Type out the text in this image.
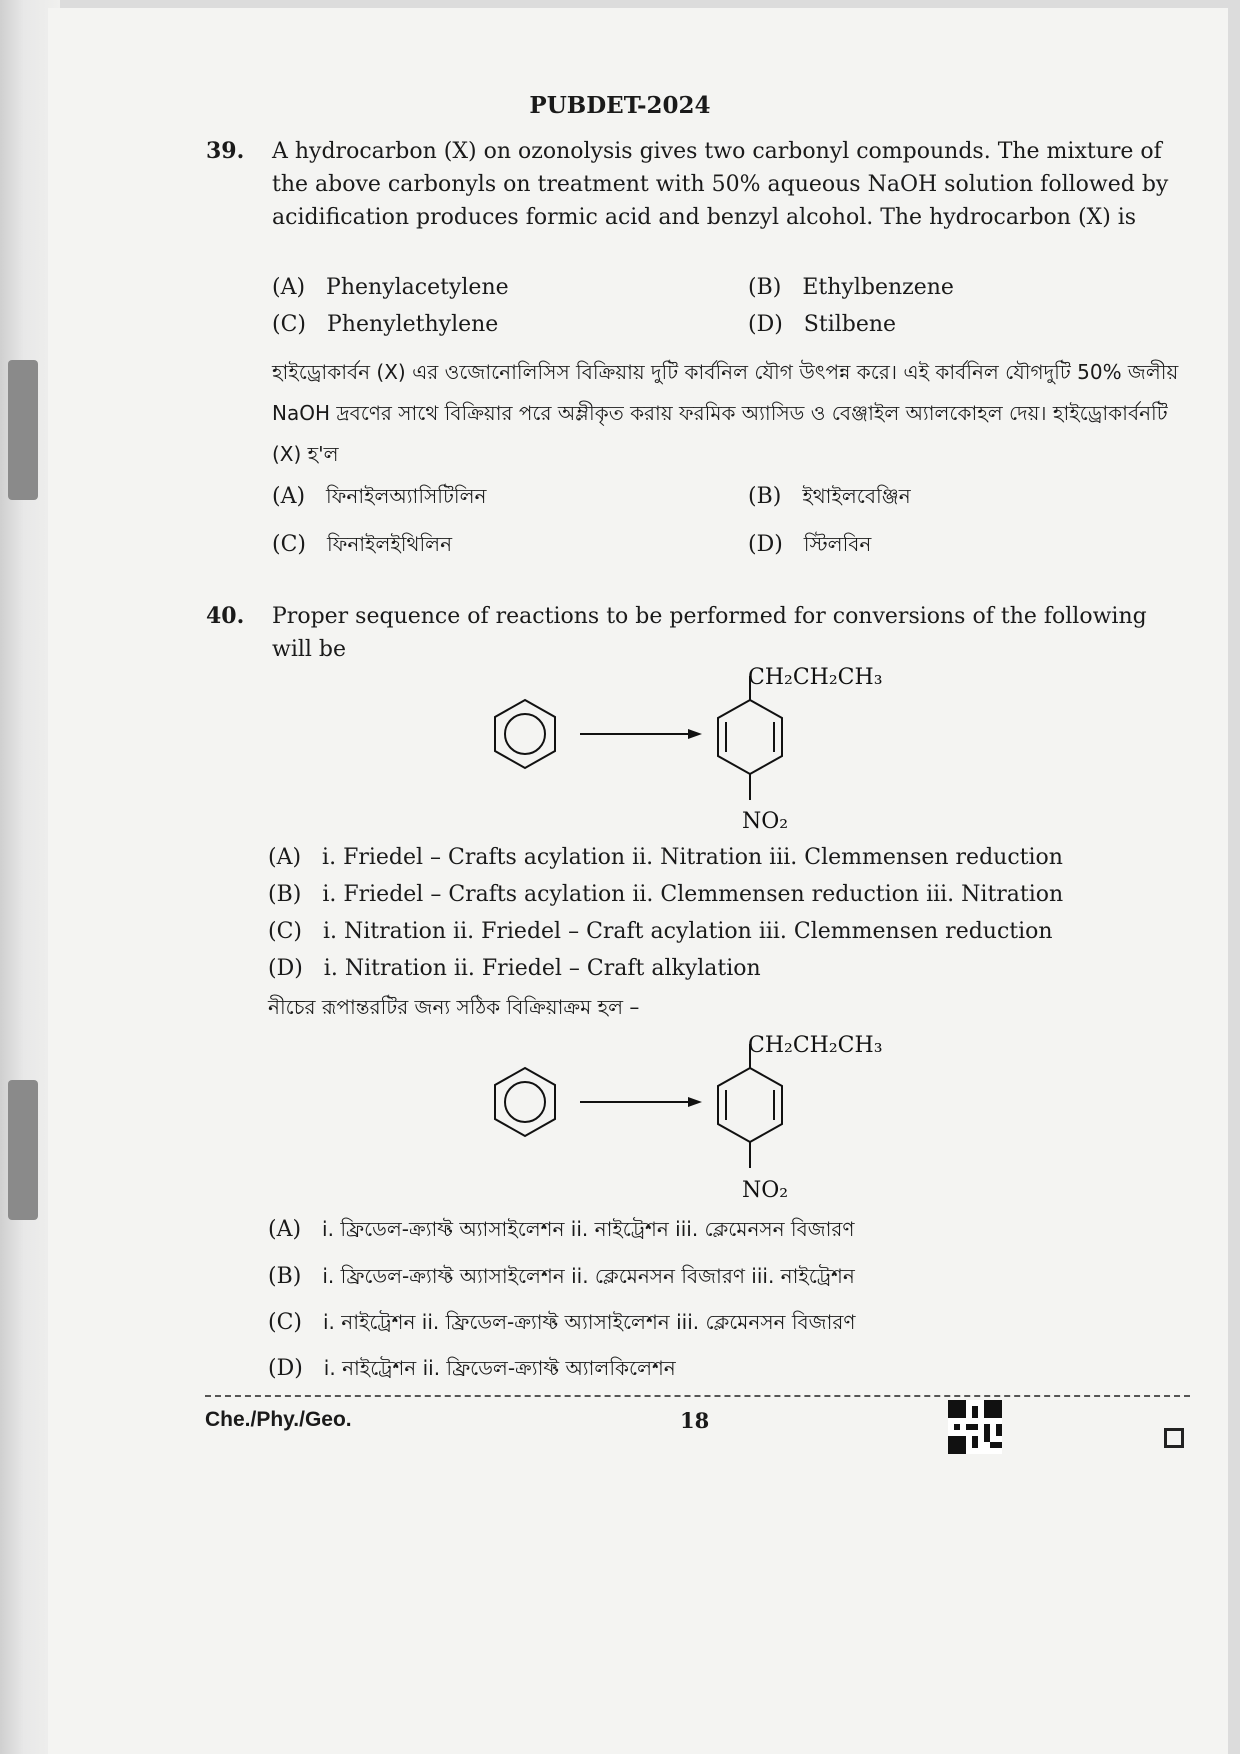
PUBDET-2024
39. A hydrocarbon (X) on ozonolysis gives two carbonyl compounds. The mixture of the above carbonyls on treatment with 50% aqueous NaOH solution followed by acidification produces formic acid and benzyl alcohol. The hydrocarbon (X) is
(A) Phenylacetylene	(B) Ethylbenzene
(C) Phenylethylene	(D) Stilbene
হাইড্রোকার্বন (X) এর ওজোনোলিসিস বিক্রিয়ায় দুটি কার্বনিল যৌগ উৎপন্ন করে। এই কার্বনিল যৌগদুটি 50% জলীয় NaOH দ্রবণের সাথে বিক্রিয়ার পরে অম্লীকৃত করায় ফরমিক অ্যাসিড ও বেঞ্জাইল অ্যালকোহল দেয়। হাইড্রোকার্বনটি (X) হ'ল
(A) ফিনাইলঅ্যাসিটিলিন	(B) ইথাইলবেঞ্জিন
(C) ফিনাইলইথিলিন	(D) স্টিলবিন
40. Proper sequence of reactions to be performed for conversions of the following will be
CH₂CH₂CH₃
NO₂
(A) i. Friedel – Crafts acylation ii. Nitration iii. Clemmensen reduction
(B) i. Friedel – Crafts acylation ii. Clemmensen reduction iii. Nitration
(C) i. Nitration ii. Friedel – Craft acylation iii. Clemmensen reduction
(D) i. Nitration ii. Friedel – Craft alkylation
নীচের রূপান্তরটির জন্য সঠিক বিক্রিয়াক্রম হল –
CH₂CH₂CH₃
NO₂
(A) i. ফ্রিডেল-ক্র্যাফ্ট অ্যাসাইলেশন ii. নাইট্রেশন iii. ক্লেমেনসন বিজারণ
(B) i. ফ্রিডেল-ক্র্যাফ্ট অ্যাসাইলেশন ii. ক্লেমেনসন বিজারণ iii. নাইট্রেশন
(C) i. নাইট্রেশন ii. ফ্রিডেল-ক্র্যাফ্ট অ্যাসাইলেশন iii. ক্লেমেনসন বিজারণ
(D) i. নাইট্রেশন ii. ফ্রিডেল-ক্র্যাফ্ট অ্যালকিলেশন
Che./Phy./Geo.	18
